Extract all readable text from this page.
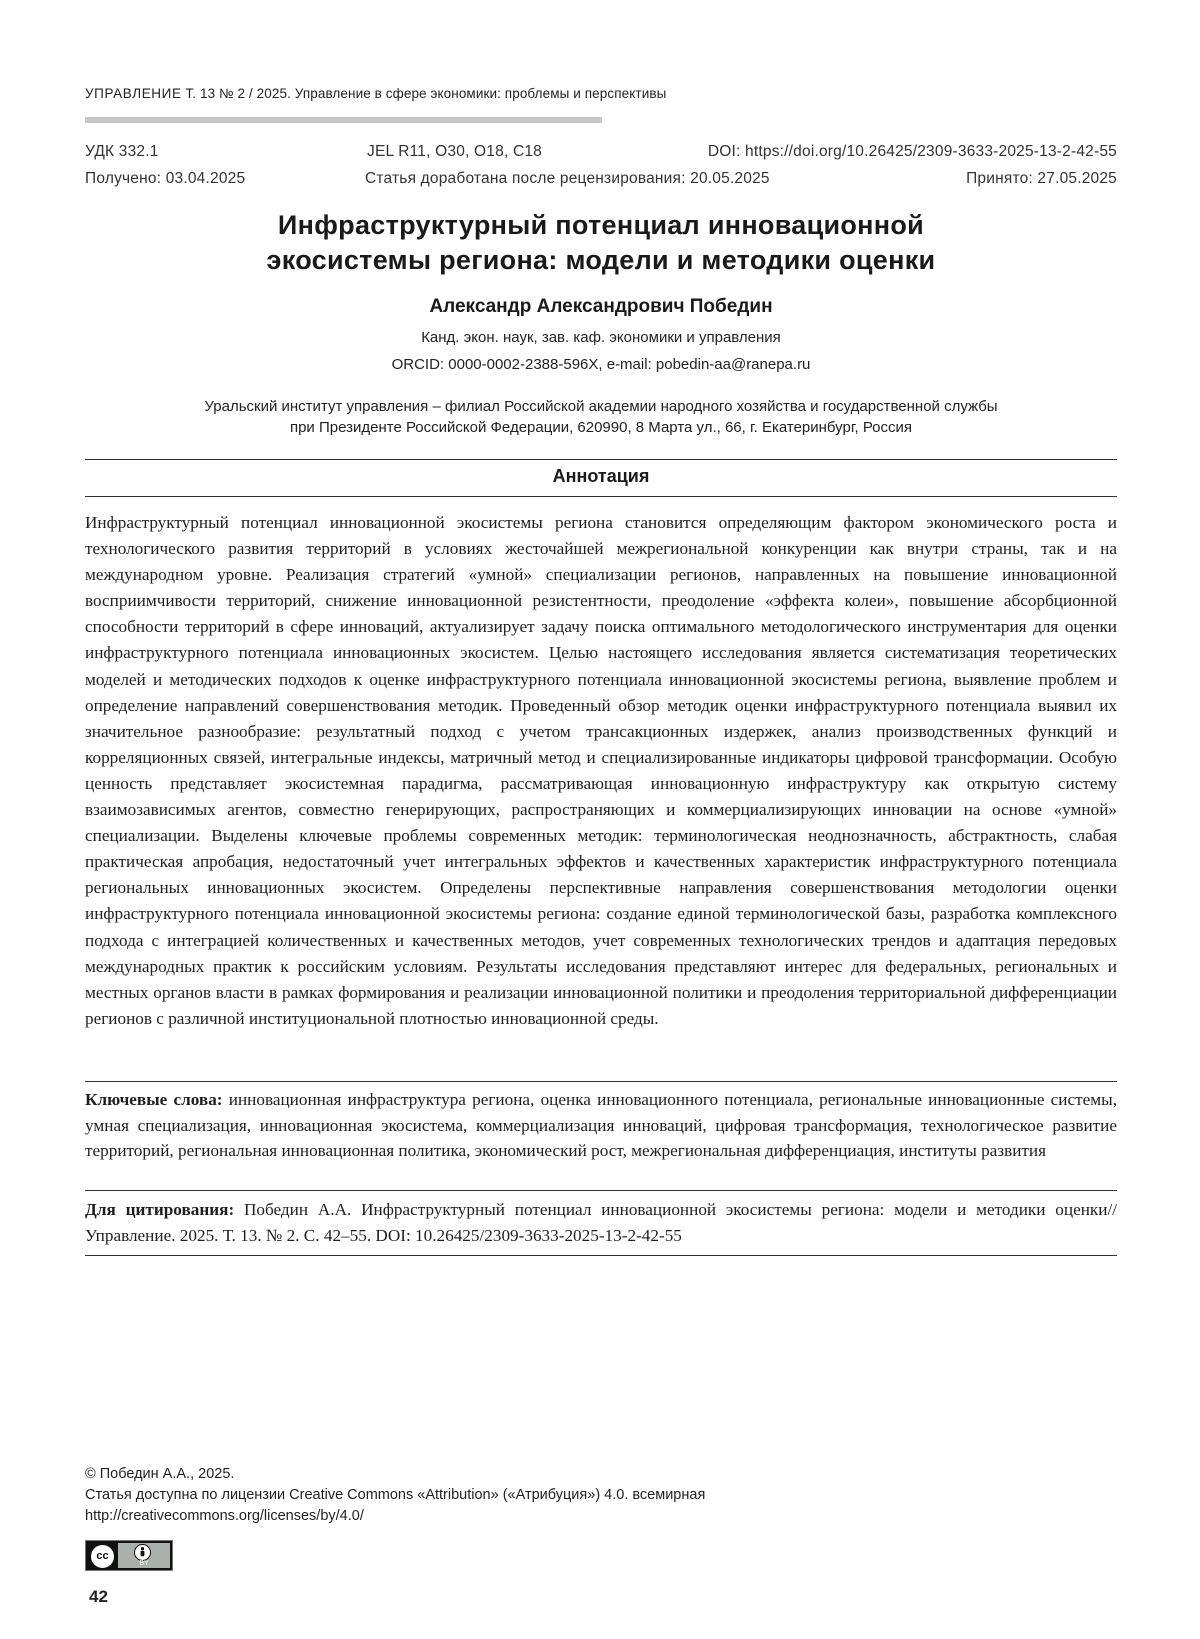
УПРАВЛЕНИЕ Т. 13 № 2 / 2025. Управление в сфере экономики: проблемы и перспективы
УДК 332.1	JEL R11, O30, O18, C18	DOI: https://doi.org/10.26425/2309-3633-2025-13-2-42-55
Получено: 03.04.2025	Статья доработана после рецензирования: 20.05.2025	Принято: 27.05.2025
Инфраструктурный потенциал инновационной
экосистемы региона: модели и методики оценки
Александр Александрович Победин
Канд. экон. наук, зав. каф. экономики и управления
ORCID: 0000-0002-2388-596X, e-mail: pobedin-aa@ranepa.ru
Уральский институт управления – филиал Российской академии народного хозяйства и государственной службы
при Президенте Российской Федерации, 620990, 8 Марта ул., 66, г. Екатеринбург, Россия
Аннотация
Инфраструктурный потенциал инновационной экосистемы региона становится определяющим фактором экономического роста и технологического развития территорий в условиях жесточайшей межрегиональной конкуренции как внутри страны, так и на международном уровне. Реализация стратегий «умной» специализации регионов, направленных на повышение инновационной восприимчивости территорий, снижение инновационной резистентности, преодоление «эффекта колеи», повышение абсорбционной способности территорий в сфере инноваций, актуализирует задачу поиска оптимального методологического инструментария для оценки инфраструктурного потенциала инновационных экосистем. Целью настоящего исследования является систематизация теоретических моделей и методических подходов к оценке инфраструктурного потенциала инновационной экосистемы региона, выявление проблем и определение направлений совершенствования методик. Проведенный обзор методик оценки инфраструктурного потенциала выявил их значительное разнообразие: результатный подход с учетом трансакционных издержек, анализ производственных функций и корреляционных связей, интегральные индексы, матричный метод и специализированные индикаторы цифровой трансформации. Особую ценность представляет экосистемная парадигма, рассматривающая инновационную инфраструктуру как открытую систему взаимозависимых агентов, совместно генерирующих, распространяющих и коммерциализирующих инновации на основе «умной» специализации. Выделены ключевые проблемы современных методик: терминологическая неоднозначность, абстрактность, слабая практическая апробация, недостаточный учет интегральных эффектов и качественных характеристик инфраструктурного потенциала региональных инновационных экосистем. Определены перспективные направления совершенствования методологии оценки инфраструктурного потенциала инновационной экосистемы региона: создание единой терминологической базы, разработка комплексного подхода с интеграцией количественных и качественных методов, учет современных технологических трендов и адаптация передовых международных практик к российским условиям. Результаты исследования представляют интерес для федеральных, региональных и местных органов власти в рамках формирования и реализации инновационной политики и преодоления территориальной дифференциации регионов с различной институциональной плотностью инновационной среды.
Ключевые слова: инновационная инфраструктура региона, оценка инновационного потенциала, региональные инновационные системы, умная специализация, инновационная экосистема, коммерциализация инноваций, цифровая трансформация, технологическое развитие территорий, региональная инновационная политика, экономический рост, межрегиональная дифференциация, институты развития
Для цитирования: Победин А.А. Инфраструктурный потенциал инновационной экосистемы региона: модели и методики оценки//Управление. 2025. Т. 13. № 2. С. 42–55. DOI: 10.26425/2309-3633-2025-13-2-42-55
© Победин А.А., 2025.
Статья доступна по лицензии Creative Commons «Attribution» («Атрибуция») 4.0. всемирная
http://creativecommons.org/licenses/by/4.0/
cc
BY
42
